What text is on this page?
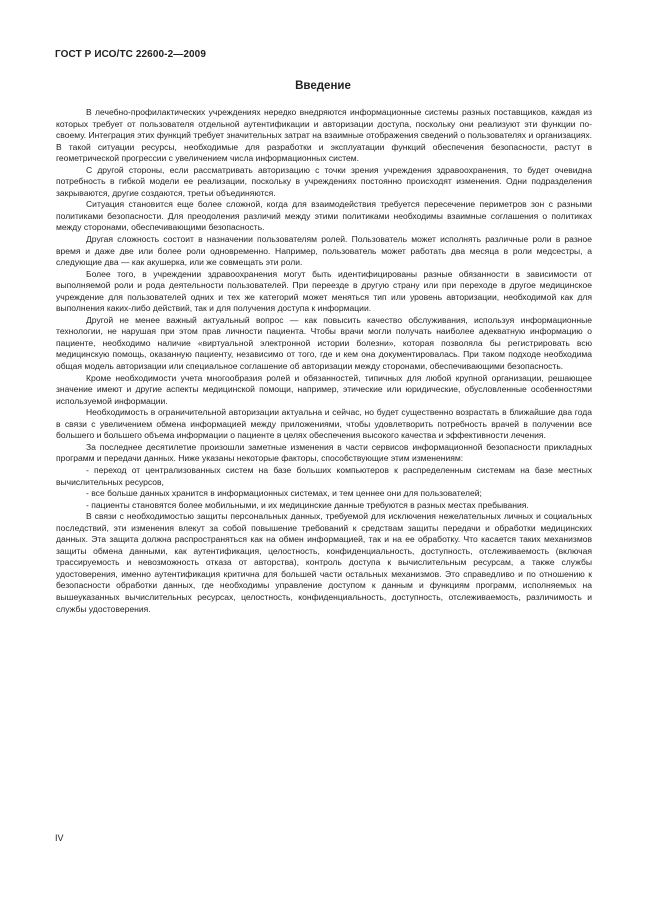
ГОСТ Р ИСО/ТС 22600-2—2009
Введение

В лечебно-профилактических учреждениях нередко внедряются информационные системы разных поставщиков, каждая из которых требует от пользователя отдельной аутентификации и авторизации доступа, поскольку они реализуют эти функции по-своему. Интеграция этих функций требует значительных затрат на взаимные отображения сведений о пользователях и организациях. В такой ситуации ресурсы, необходимые для разработки и эксплуатации функций обеспечения безопасности, растут в геометрической прогрессии с увеличением числа информационных систем.

С другой стороны, если рассматривать авторизацию с точки зрения учреждения здравоохранения, то будет очевидна потребность в гибкой модели ее реализации, поскольку в учреждениях постоянно происходят изменения. Одни подразделения закрываются, другие создаются, третьи объединяются.

Ситуация становится еще более сложной, когда для взаимодействия требуется пересечение периметров зон с разными политиками безопасности. Для преодоления различий между этими политиками необходимы взаимные соглашения о политиках между сторонами, обеспечивающими безопасность.

Другая сложность состоит в назначении пользователям ролей. Пользователь может исполнять различные роли в разное время и даже две или более роли одновременно. Например, пользователь может работать два месяца в роли медсестры, а следующие два — как акушерка, или же совмещать эти роли.

Более того, в учреждении здравоохранения могут быть идентифицированы разные обязанности в зависимости от выполняемой роли и рода деятельности пользователей. При переезде в другую страну или при переходе в другое медицинское учреждение для пользователей одних и тех же категорий может меняться тип или уровень авторизации, необходимой как для выполнения каких-либо действий, так и для получения доступа к информации.

Другой не менее важный актуальный вопрос — как повысить качество обслуживания, используя информационные технологии, не нарушая при этом прав личности пациента. Чтобы врачи могли получать наиболее адекватную информацию о пациенте, необходимо наличие «виртуальной электронной истории болезни», которая позволяла бы регистрировать всю медицинскую помощь, оказанную пациенту, независимо от того, где и кем она документировалась. При таком подходе необходима общая модель авторизации или специальное соглашение об авторизации между сторонами, обеспечивающими безопасность.

Кроме необходимости учета многообразия ролей и обязанностей, типичных для любой крупной организации, решающее значение имеют и другие аспекты медицинской помощи, например, этические или юридические, обусловленные особенностями используемой информации.

Необходимость в ограничительной авторизации актуальна и сейчас, но будет существенно возрастать в ближайшие два года в связи с увеличением обмена информацией между приложениями, чтобы удовлетворить потребность врачей в получении все большего и большего объема информации о пациенте в целях обеспечения высокого качества и эффективности лечения.

За последнее десятилетие произошли заметные изменения в части сервисов информационной безопасности прикладных программ и передачи данных. Ниже указаны некоторые факторы, способствующие этим изменениям:

- переход от централизованных систем на базе больших компьютеров к распределенным системам на базе местных вычислительных ресурсов,

- все больше данных хранится в информационных системах, и тем ценнее они для пользователей;

- пациенты становятся более мобильными, и их медицинские данные требуются в разных местах пребывания.

В связи с необходимостью защиты персональных данных, требуемой для исключения нежелательных личных и социальных последствий, эти изменения влекут за собой повышение требований к средствам защиты передачи и обработки медицинских данных. Эта защита должна распространяться как на обмен информацией, так и на ее обработку. Что касается таких механизмов защиты обмена данными, как аутентификация, целостность, конфиденциальность, доступность, отслеживаемость (включая трассируемость и невозможность отказа от авторства), контроль доступа к вычислительным ресурсам, а также службы удостоверения, именно аутентификация критична для большей части остальных механизмов. Это справедливо и по отношению к безопасности обработки данных, где необходимы управление доступом к данным и функциям программ, исполняемых на вышеуказанных вычислительных ресурсах, целостность, конфиденциальность, доступность, отслеживаемость, различимость и службы удостоверения.

IV
